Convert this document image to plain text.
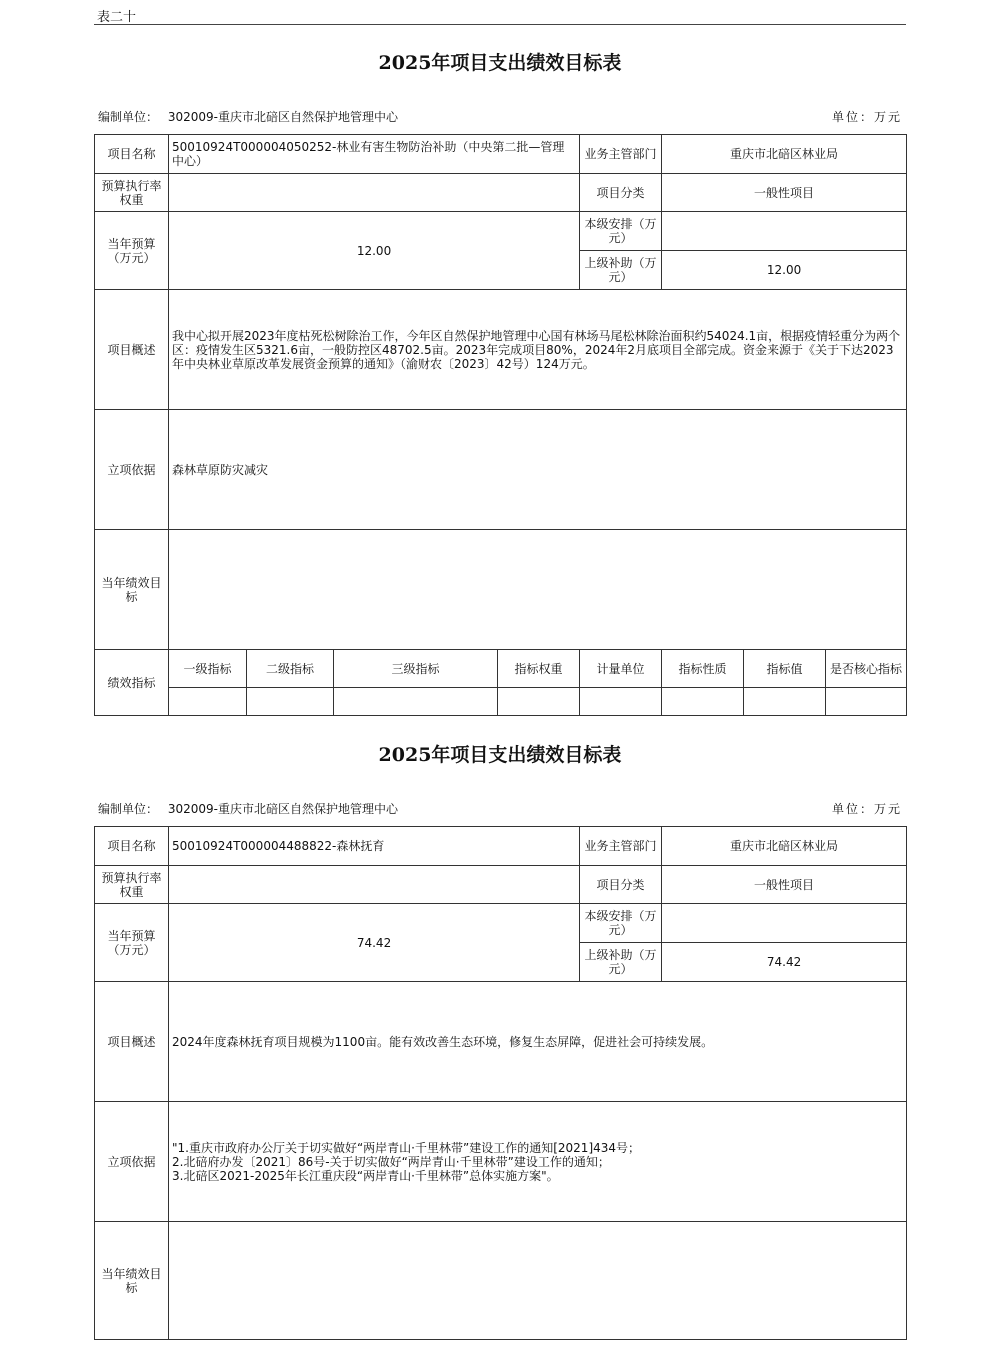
表二十
2025年项目支出绩效目标表
编制单位： 302009-重庆市北碚区自然保护地管理中心	单位：万元
项目名称	50010924T000004050252-林业有害生物防治补助（中央第二批—管理中心）				业务主管部门	重庆市北碚区林业局		
预算执行率权重					项目分类	一般性项目		
当年预算（万元）	12.00				本级安排（万元）			
					上级补助（万元）	12.00		
项目概述	我中心拟开展2023年度枯死松树除治工作，今年区自然保护地管理中心国有林场马尾松林除治面积约54024.1亩，根据疫情轻重分为两个区：疫情发生区5321.6亩，一般防控区48702.5亩。2023年完成项目80%，2024年2月底项目全部完成。资金来源于《关于下达2023年中央林业草原改革发展资金预算的通知》（渝财农〔2023〕42号）124万元。							
立项依据	森林草原防灾减灾							
当年绩效目标								
绩效指标	一级指标	二级指标	三级指标	指标权重	计量单位	指标性质	指标值	是否核心指标

2025年项目支出绩效目标表
编制单位： 302009-重庆市北碚区自然保护地管理中心	单位：万元
项目名称	50010924T000004488822-森林抚育	业务主管部门	重庆市北碚区林业局
预算执行率权重		项目分类	一般性项目
当年预算（万元）	74.42	本级安排（万元）	
		上级补助（万元）	74.42
项目概述	2024年度森林抚育项目规模为1100亩。能有效改善生态环境，修复生态屏障，促进社会可持续发展。		
立项依据	"1.重庆市政府办公厅关于切实做好“两岸青山·千里林带”建设工作的通知[2021]434号；
2.北碚府办发〔2021〕86号-关于切实做好“两岸青山·千里林带”建设工作的通知；
3.北碚区2021-2025年长江重庆段“两岸青山·千里林带”总体实施方案"。		

当年绩效目标			
